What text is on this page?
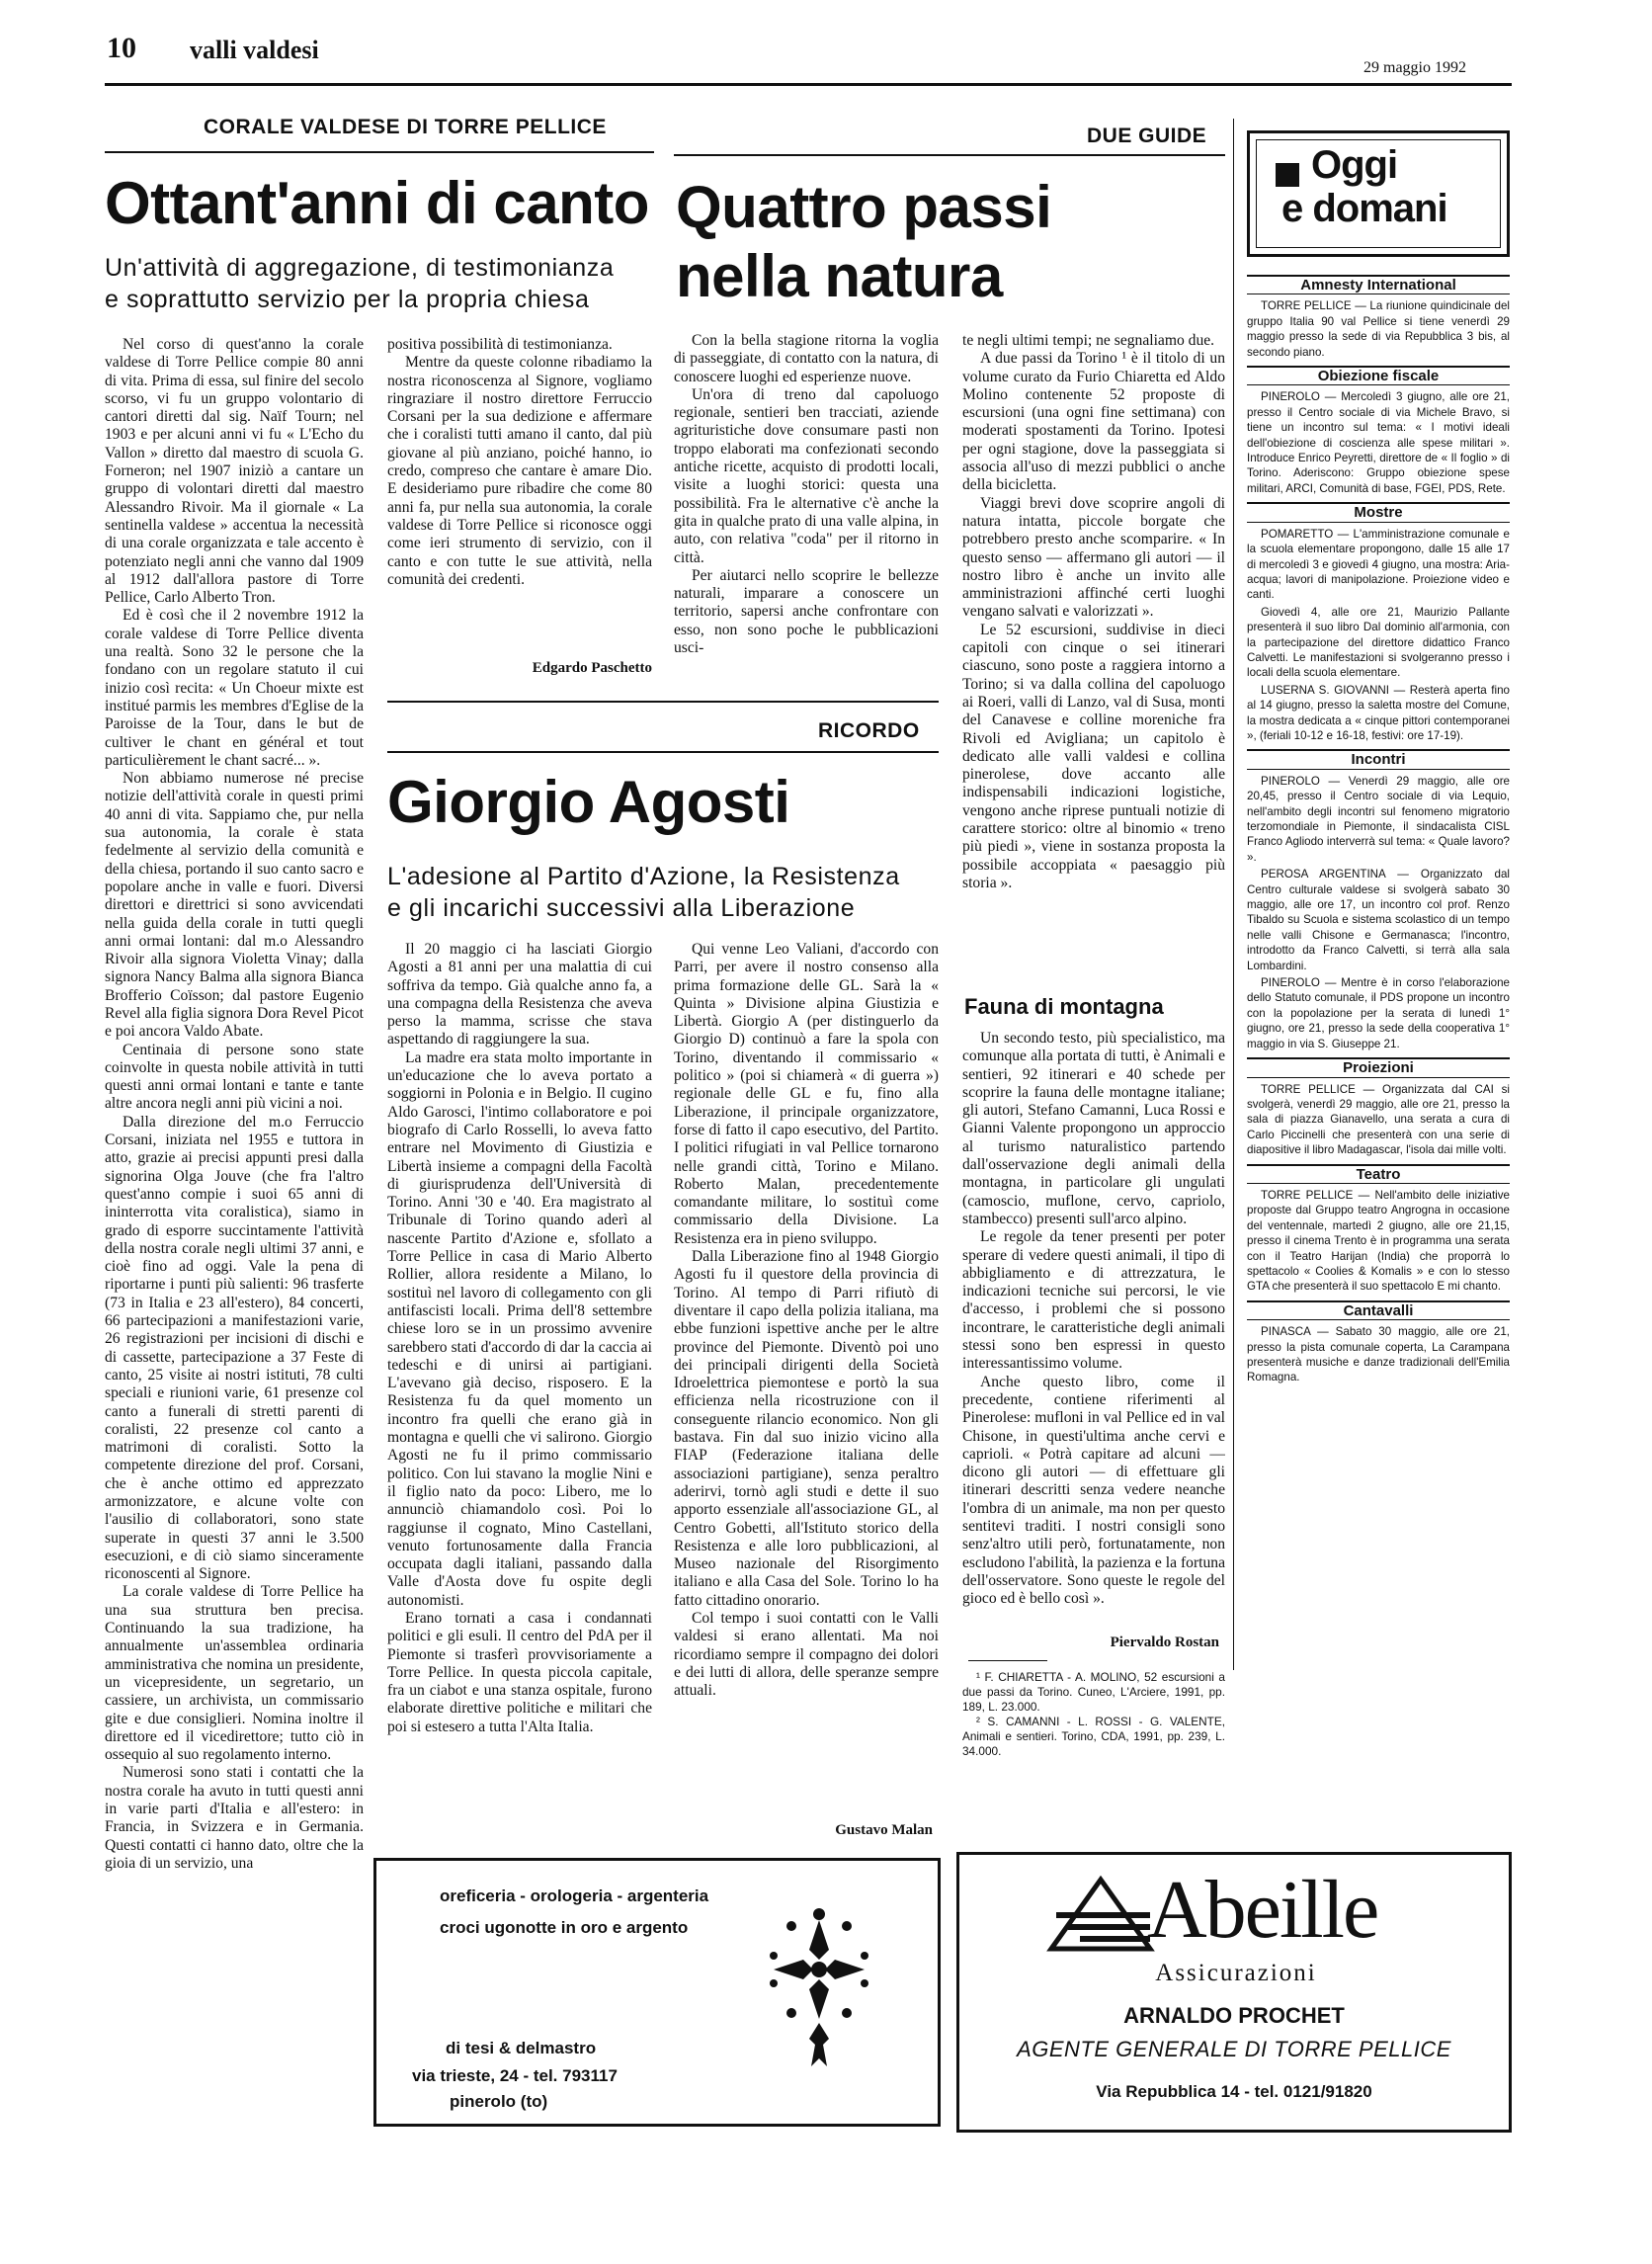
10 valli valdesi
29 maggio 1992
CORALE VALDESE DI TORRE PELLICE
Ottant'anni di canto
Un'attività di aggregazione, di testimonianza
e soprattutto servizio per la propria chiesa

Nel corso di quest'anno la corale valdese di Torre Pellice compie 80 anni di vita. Prima di essa, sul finire del secolo scorso, vi fu un gruppo volontario di cantori diretti dal sig. Naïf Tourn; nel 1903 e per alcuni anni vi fu « L'Echo du Vallon » diretto dal maestro di scuola G. Forneron; nel 1907 iniziò a cantare un gruppo di volontari diretti dal maestro Alessandro Rivoir. Ma il giornale « La sentinella valdese » accentua la necessità di una corale organizzata e tale accento è potenziato negli anni che vanno dal 1909 al 1912 dall'allora pastore di Torre Pellice, Carlo Alberto Tron.

Ed è così che il 2 novembre 1912 la corale valdese di Torre Pellice diventa una realtà. Sono 32 le persone che la fondano con un regolare statuto il cui inizio così recita: « Un Choeur mixte est institué parmis les membres d'Eglise de la Paroisse de la Tour, dans le but de cultiver le chant en général et tout particulièrement le chant sacré... ».

Non abbiamo numerose né precise notizie dell'attività corale in questi primi 40 anni di vita. Sappiamo che, pur nella sua autonomia, la corale è stata fedelmente al servizio della comunità e della chiesa, portando il suo canto sacro e popolare anche in valle e fuori. Diversi direttori e direttrici si sono avvicendati nella guida della corale in tutti quegli anni ormai lontani: dal m.o Alessandro Rivoir alla signora Violetta Vinay; dalla signora Nancy Balma alla signora Bianca Brofferio Coïsson; dal pastore Eugenio Revel alla figlia signora Dora Revel Picot e poi ancora Valdo Abate.

Centinaia di persone sono state coinvolte in questa nobile attività in tutti questi anni ormai lontani e tante e tante altre ancora negli anni più vicini a noi.

Dalla direzione del m.o Ferruccio Corsani, iniziata nel 1955 e tuttora in atto, grazie ai precisi appunti presi dalla signorina Olga Jouve (che fra l'altro quest'anno compie i suoi 65 anni di ininterrotta vita coralistica), siamo in grado di esporre succintamente l'attività della nostra corale negli ultimi 37 anni, e cioè fino ad oggi. Vale la pena di riportarne i punti più salienti: 96 trasferte (73 in Italia e 23 all'estero), 84 concerti, 66 partecipazioni a manifestazioni varie, 26 registrazioni per incisioni di dischi e di cassette, partecipazione a 37 Feste di canto, 25 visite ai nostri istituti, 78 culti speciali e riunioni varie, 61 presenze col canto a funerali di stretti parenti di coralisti, 22 presenze col canto a matrimoni di coralisti. Sotto la competente direzione del prof. Corsani, che è anche ottimo ed apprezzato armonizzatore, e alcune volte con l'ausilio di collaboratori, sono state superate in questi 37 anni le 3.500 esecuzioni, e di ciò siamo sinceramente riconoscenti al Signore.

La corale valdese di Torre Pellice ha una sua struttura ben precisa. Continuando la sua tradizione, ha annualmente un'assemblea ordinaria amministrativa che nomina un presidente, un vicepresidente, un segretario, un cassiere, un archivista, un commissario gite e due consiglieri. Nomina inoltre il direttore ed il vicedirettore; tutto ciò in ossequio al suo regolamento interno.

Numerosi sono stati i contatti che la nostra corale ha avuto in tutti questi anni in varie parti d'Italia e all'estero: in Francia, in Svizzera e in Germania. Questi contatti ci hanno dato, oltre che la gioia di un servizio, una

positiva possibilità di testimonianza.

Mentre da queste colonne ribadiamo la nostra riconoscenza al Signore, vogliamo ringraziare il nostro direttore Ferruccio Corsani per la sua dedizione e affermare che i coralisti tutti amano il canto, dal più giovane al più anziano, poiché hanno, io credo, compreso che cantare è amare Dio. E desideriamo pure ribadire che come 80 anni fa, pur nella sua autonomia, la corale valdese di Torre Pellice si riconosce oggi come ieri strumento di servizio, con il canto e con tutte le sue attività, nella comunità dei credenti.

Edgardo Paschetto
DUE GUIDE
Quattro passi
nella natura

Con la bella stagione ritorna la voglia di passeggiate, di contatto con la natura, di conoscere luoghi ed esperienze nuove.

Un'ora di treno dal capoluogo regionale, sentieri ben tracciati, aziende agrituristiche dove consumare pasti non troppo elaborati ma confezionati secondo antiche ricette, acquisto di prodotti locali, visite a luoghi storici: questa una possibilità. Fra le alternative c'è anche la gita in qualche prato di una valle alpina, in auto, con relativa "coda" per il ritorno in città.

Per aiutarci nello scoprire le bellezze naturali, imparare a conoscere un territorio, sapersi anche confrontare con esso, non sono poche le pubblicazioni usci-

te negli ultimi tempi; ne segnaliamo due.

A due passi da Torino ¹ è il titolo di un volume curato da Furio Chiaretta ed Aldo Molino contenente 52 proposte di escursioni (una ogni fine settimana) con moderati spostamenti da Torino. Ipotesi per ogni stagione, dove la passeggiata si associa all'uso di mezzi pubblici o anche della bicicletta.

Viaggi brevi dove scoprire angoli di natura intatta, piccole borgate che potrebbero presto anche scomparire. « In questo senso — affermano gli autori — il nostro libro è anche un invito alle amministrazioni affinché certi luoghi vengano salvati e valorizzati ».

Le 52 escursioni, suddivise in dieci capitoli con cinque o sei itinerari ciascuno, sono poste a raggiera intorno a Torino; si va dalla collina del capoluogo ai Roeri, valli di Lanzo, val di Susa, monti del Canavese e colline moreniche fra Rivoli ed Avigliana; un capitolo è dedicato alle valli valdesi e collina pinerolese, dove accanto alle indispensabili indicazioni logistiche, vengono anche riprese puntuali notizie di carattere storico: oltre al binomio « treno più piedi », viene in sostanza proposta la possibile accoppiata « paesaggio più storia ».

Fauna di montagna

Un secondo testo, più specialistico, ma comunque alla portata di tutti, è Animali e sentieri, 92 itinerari e 40 schede per scoprire la fauna delle montagne italiane; gli autori, Stefano Camanni, Luca Rossi e Gianni Valente propongono un approccio al turismo naturalistico partendo dall'osservazione degli animali della montagna, in particolare gli ungulati (camoscio, muflone, cervo, capriolo, stambecco) presenti sull'arco alpino.

Le regole da tener presenti per poter sperare di vedere questi animali, il tipo di abbigliamento e di attrezzatura, le indicazioni tecniche sui percorsi, le vie d'accesso, i problemi che si possono incontrare, le caratteristiche degli animali stessi sono ben espressi in questo interessantissimo volume.

Anche questo libro, come il precedente, contiene riferimenti al Pinerolese: mufloni in val Pellice ed in val Chisone, in questi'ultima anche cervi e caprioli. « Potrà capitare ad alcuni — dicono gli autori — di effettuare gli itinerari descritti senza vedere neanche l'ombra di un animale, ma non per questo sentitevi traditi. I nostri consigli sono senz'altro utili però, fortunatamente, non escludono l'abilità, la pazienza e la fortuna dell'osservatore. Sono queste le regole del gioco ed è bello così ».

Piervaldo Rostan
¹ F. CHIARETTA - A. MOLINO, 52 escursioni a due passi da Torino. Cuneo, L'Arciere, 1991, pp. 189, L. 23.000.
² S. CAMANNI - L. ROSSI - G. VALENTE, Animali e sentieri. Torino, CDA, 1991, pp. 239, L. 34.000.
RICORDO
Giorgio Agosti
L'adesione al Partito d'Azione, la Resistenza
e gli incarichi successivi alla Liberazione

Il 20 maggio ci ha lasciati Giorgio Agosti a 81 anni per una malattia di cui soffriva da tempo. Già qualche anno fa, a una compagna della Resistenza che aveva perso la mamma, scrisse che stava aspettando di raggiungere la sua.

La madre era stata molto importante in un'educazione che lo aveva portato a soggiorni in Polonia e in Belgio. Il cugino Aldo Garosci, l'intimo collaboratore e poi biografo di Carlo Rosselli, lo aveva fatto entrare nel Movimento di Giustizia e Libertà insieme a compagni della Facoltà di giurisprudenza dell'Università di Torino. Anni '30 e '40. Era magistrato al Tribunale di Torino quando aderì al nascente Partito d'Azione e, sfollato a Torre Pellice in casa di Mario Alberto Rollier, allora residente a Milano, lo sostituì nel lavoro di collegamento con gli antifascisti locali. Prima dell'8 settembre chiese loro se in un prossimo avvenire sarebbero stati d'accordo di dar la caccia ai tedeschi e di unirsi ai partigiani. L'avevano già deciso, risposero. E la Resistenza fu da quel momento un incontro fra quelli che erano già in montagna e quelli che vi salirono. Giorgio Agosti ne fu il primo commissario politico. Con lui stavano la moglie Nini e il figlio nato da poco: Libero, me lo annunciò chiamandolo così. Poi lo raggiunse il cognato, Mino Castellani, venuto fortunosamente dalla Francia occupata dagli italiani, passando dalla Valle d'Aosta dove fu ospite degli autonomisti.

Erano tornati a casa i condannati politici e gli esuli. Il centro del PdA per il Piemonte si trasferì provvisoriamente a Torre Pellice. In questa piccola capitale, fra un ciabot e una stanza ospitale, furono elaborate direttive politiche e militari che poi si estesero a tutta l'Alta Italia.

Qui venne Leo Valiani, d'accordo con Parri, per avere il nostro consenso alla prima formazione delle GL. Sarà la « Quinta » Divisione alpina Giustizia e Libertà. Giorgio A (per distinguerlo da Giorgio D) continuò a fare la spola con Torino, diventando il commissario « politico » (poi si chiamerà « di guerra ») regionale delle GL e fu, fino alla Liberazione, il principale organizzatore, forse di fatto il capo esecutivo, del Partito. I politici rifugiati in val Pellice tornarono nelle grandi città, Torino e Milano. Roberto Malan, precedentemente comandante militare, lo sostituì come commissario della Divisione. La Resistenza era in pieno sviluppo.

Dalla Liberazione fino al 1948 Giorgio Agosti fu il questore della provincia di Torino. Al tempo di Parri rifiutò di diventare il capo della polizia italiana, ma ebbe funzioni ispettive anche per le altre province del Piemonte. Diventò poi uno dei principali dirigenti della Società Idroelettrica piemontese e portò la sua efficienza nella ricostruzione con il conseguente rilancio economico. Non gli bastava. Fin dal suo inizio vicino alla FIAP (Federazione italiana delle associazioni partigiane), senza peraltro aderirvi, tornò agli studi e dette il suo apporto essenziale all'associazione GL, al Centro Gobetti, all'Istituto storico della Resistenza e alle loro pubblicazioni, al Museo nazionale del Risorgimento italiano e alla Casa del Sole. Torino lo ha fatto cittadino onorario.

Col tempo i suoi contatti con le Valli valdesi si erano allentati. Ma noi ricordiamo sempre il compagno dei dolori e dei lutti di allora, delle speranze sempre attuali.

Gustavo Malan
Oggi
e domani
Amnesty International

TORRE PELLICE — La riunione quindicinale del gruppo Italia 90 val Pellice si tiene venerdì 29 maggio presso la sede di via Repubblica 3 bis, al secondo piano.

Obiezione fiscale

PINEROLO — Mercoledì 3 giugno, alle ore 21, presso il Centro sociale di via Michele Bravo, si tiene un incontro sul tema: « I motivi ideali dell'obiezione di coscienza alle spese militari ». Introduce Enrico Peyretti, direttore de « Il foglio » di Torino. Aderiscono: Gruppo obiezione spese militari, ARCI, Comunità di base, FGEI, PDS, Rete.

Mostre

POMARETTO — L'amministrazione comunale e la scuola elementare propongono, dalle 15 alle 17 di mercoledì 3 e giovedì 4 giugno, una mostra: Aria-acqua; lavori di manipolazione. Proiezione video e canti.

Giovedì 4, alle ore 21, Maurizio Pallante presenterà il suo libro Dal dominio all'armonia, con la partecipazione del direttore didattico Franco Calvetti. Le manifestazioni si svolgeranno presso i locali della scuola elementare.

LUSERNA S. GIOVANNI — Resterà aperta fino al 14 giugno, presso la saletta mostre del Comune, la mostra dedicata a « cinque pittori contemporanei », (feriali 10-12 e 16-18, festivi: ore 17-19).

Incontri

PINEROLO — Venerdì 29 maggio, alle ore 20,45, presso il Centro sociale di via Lequio, nell'ambito degli incontri sul fenomeno migratorio terzomondiale in Piemonte, il sindacalista CISL Franco Agliodo interverrà sul tema: « Quale lavoro? ».

PEROSA ARGENTINA — Organizzato dal Centro culturale valdese si svolgerà sabato 30 maggio, alle ore 17, un incontro col prof. Renzo Tibaldo su Scuola e sistema scolastico di un tempo nelle valli Chisone e Germanasca; l'incontro, introdotto da Franco Calvetti, si terrà alla sala Lombardini.

PINEROLO — Mentre è in corso l'elaborazione dello Statuto comunale, il PDS propone un incontro con la popolazione per la serata di lunedì 1° giugno, ore 21, presso la sede della cooperativa 1° maggio in via S. Giuseppe 21.

Proiezioni

TORRE PELLICE — Organizzata dal CAI si svolgerà, venerdì 29 maggio, alle ore 21, presso la sala di piazza Gianavello, una serata a cura di Carlo Piccinelli che presenterà con una serie di diapositive il libro Madagascar, l'isola dai mille volti.

Teatro

TORRE PELLICE — Nell'ambito delle iniziative proposte dal Gruppo teatro Angrogna in occasione del ventennale, martedì 2 giugno, alle ore 21,15, presso il cinema Trento è in programma una serata con il Teatro Harijan (India) che proporrà lo spettacolo « Coolies & Komalis » e con lo stesso GTA che presenterà il suo spettacolo E mi chanto.

Cantavalli

PINASCA — Sabato 30 maggio, alle ore 21, presso la pista comunale coperta, La Carampana presenterà musiche e danze tradizionali dell'Emilia Romagna.

oreficeria - orologeria - argenteria
croci ugonotte in oro e argento
di tesi & delmastro
via trieste, 24 - tel. 793117
pinerolo (to)
Abeille
Assicurazioni
ARNALDO PROCHET
AGENTE GENERALE DI TORRE PELLICE
Via Repubblica 14 - tel. 0121/91820
